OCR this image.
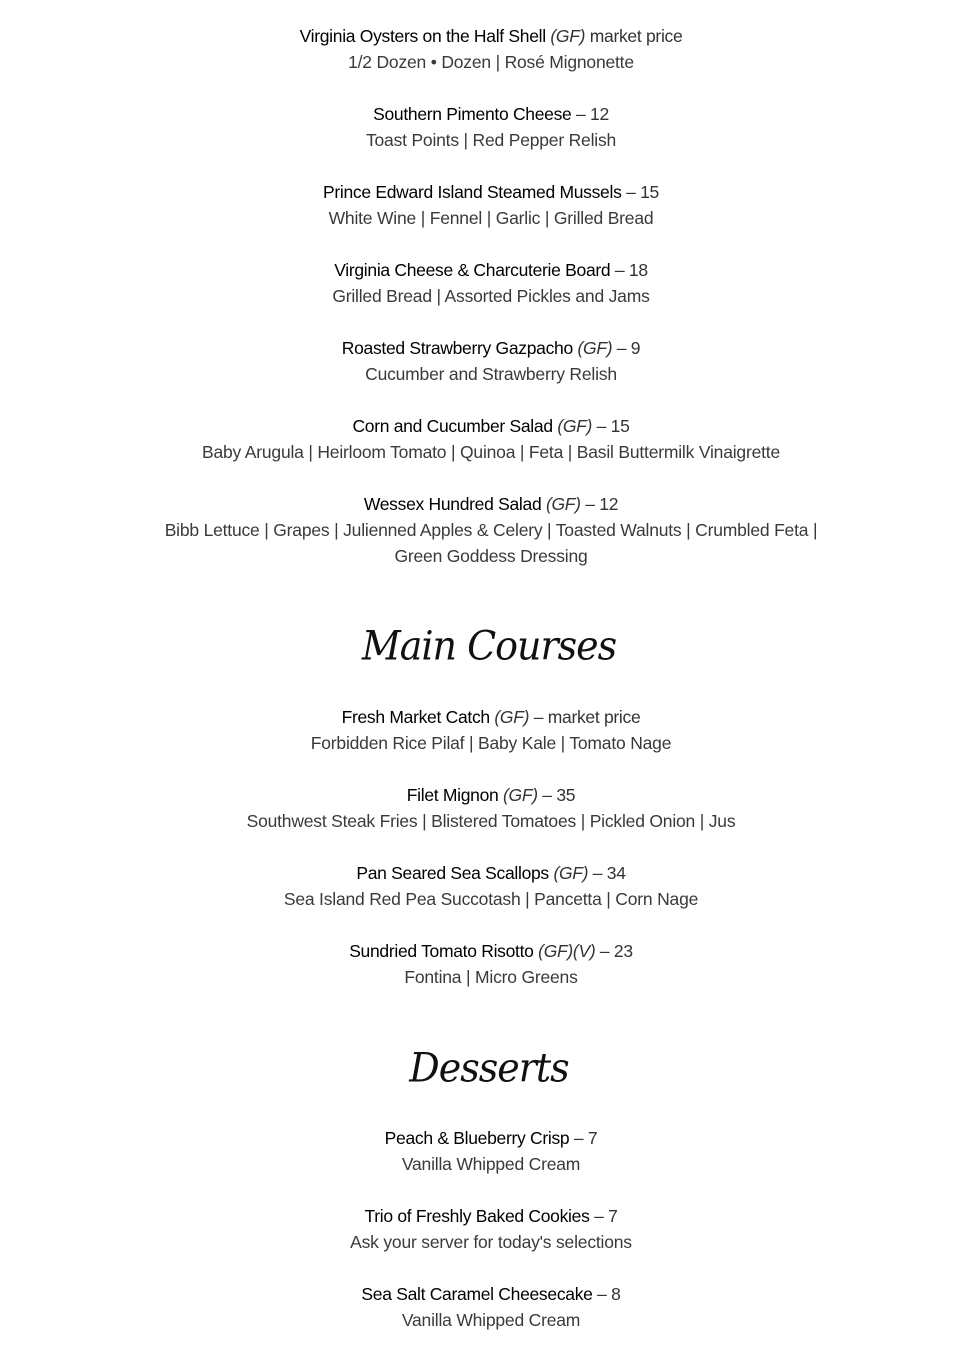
Virginia Oysters on the Half Shell (GF) market price
1/2 Dozen • Dozen | Rosé Mignonette
Southern Pimento Cheese – 12
Toast Points | Red Pepper Relish
Prince Edward Island Steamed Mussels – 15
White Wine | Fennel | Garlic | Grilled Bread
Virginia Cheese & Charcuterie Board – 18
Grilled Bread | Assorted Pickles and Jams
Roasted Strawberry Gazpacho (GF) – 9
Cucumber and Strawberry Relish
Corn and Cucumber Salad (GF) – 15
Baby Arugula | Heirloom Tomato | Quinoa | Feta | Basil Buttermilk Vinaigrette
Wessex Hundred Salad (GF) – 12
Bibb Lettuce | Grapes | Julienned Apples & Celery | Toasted Walnuts | Crumbled Feta | Green Goddess Dressing
Main Courses
Fresh Market Catch (GF) – market price
Forbidden Rice Pilaf | Baby Kale | Tomato Nage
Filet Mignon (GF) – 35
Southwest Steak Fries | Blistered Tomatoes | Pickled Onion | Jus
Pan Seared Sea Scallops (GF) – 34
Sea Island Red Pea Succotash | Pancetta | Corn Nage
Sundried Tomato Risotto (GF)(V) – 23
Fontina | Micro Greens
Desserts
Peach & Blueberry Crisp – 7
Vanilla Whipped Cream
Trio of Freshly Baked Cookies – 7
Ask your server for today's selections
Sea Salt Caramel Cheesecake – 8
Vanilla Whipped Cream
